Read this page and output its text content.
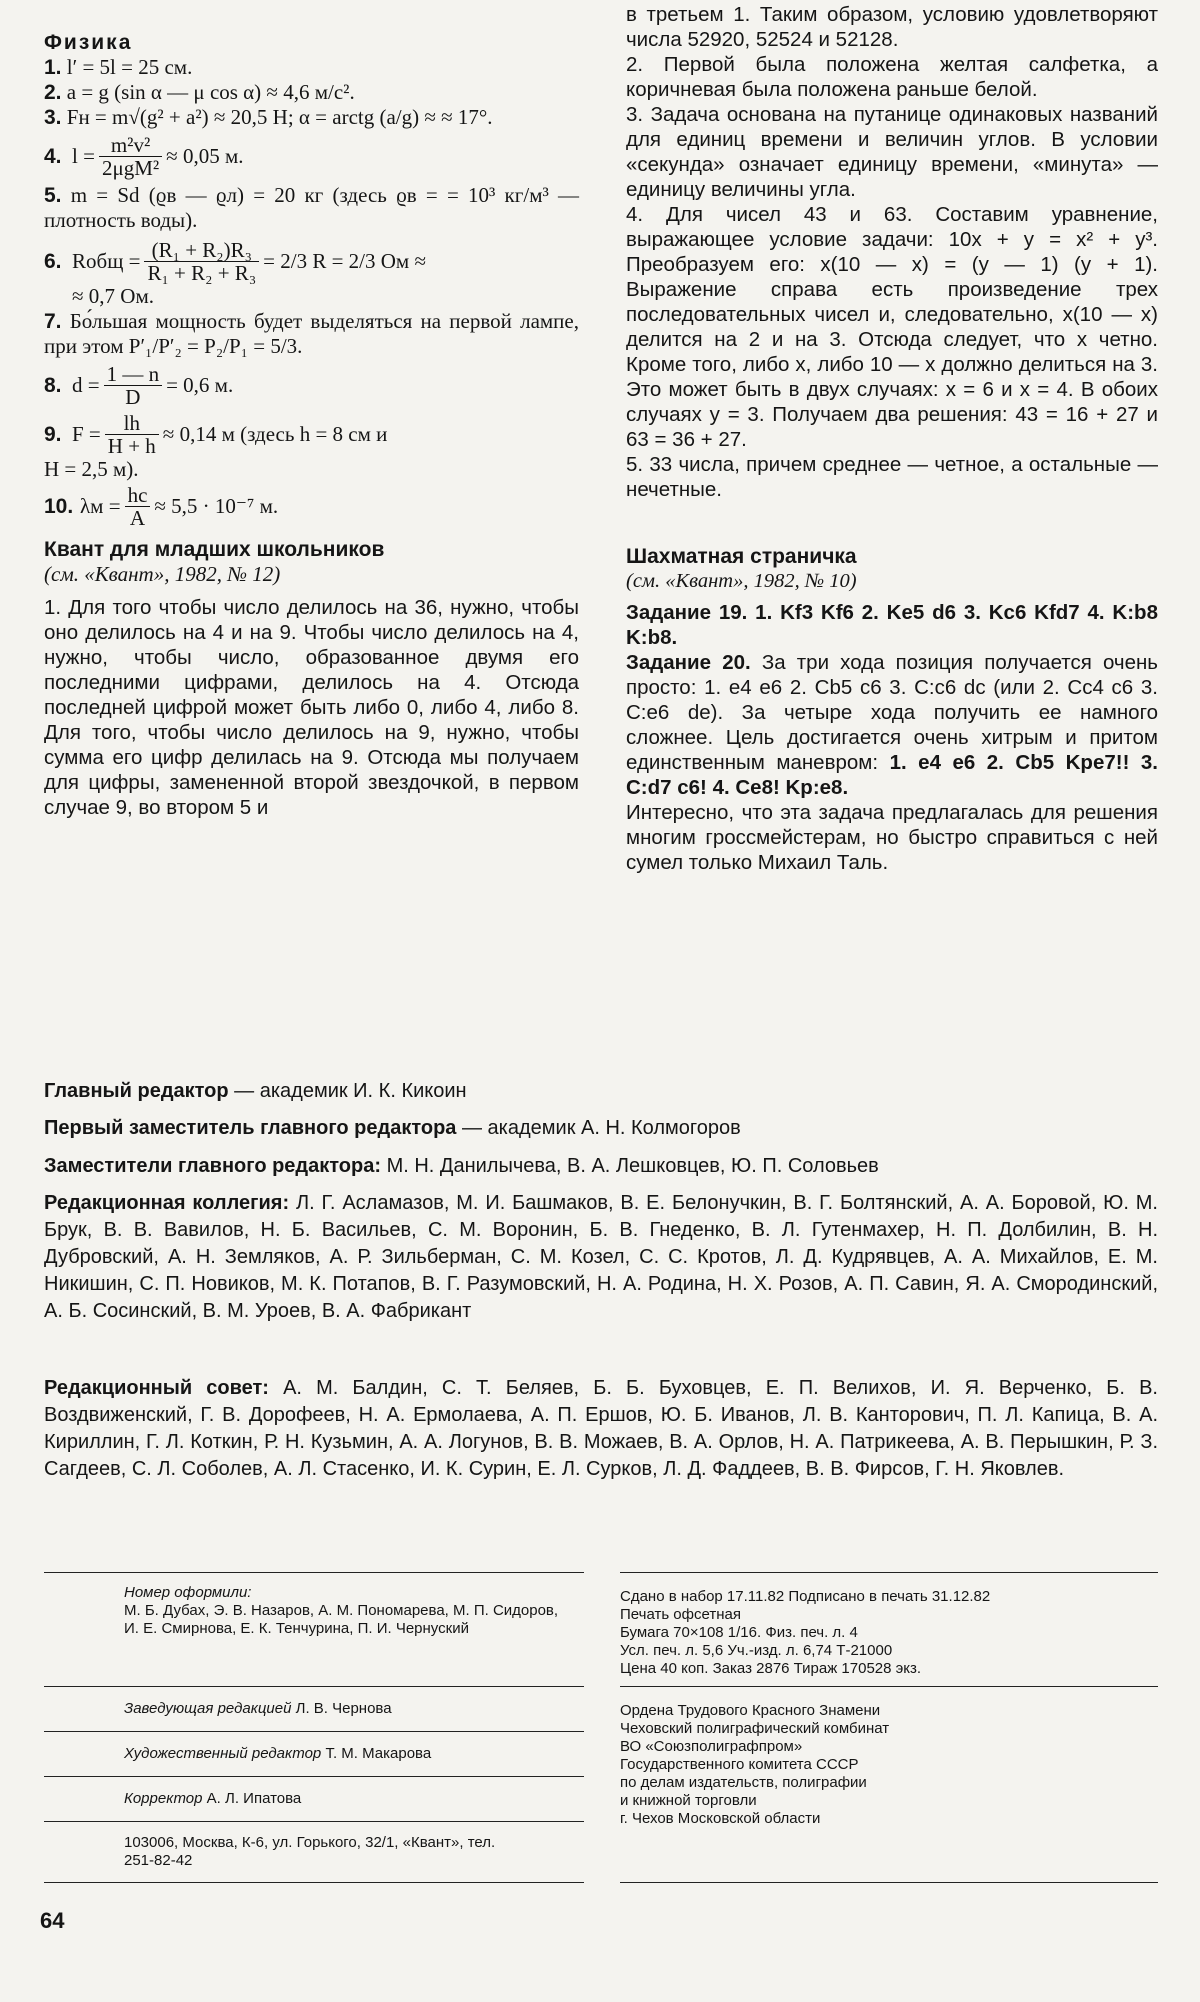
Физика

1. l′ = 5l = 25 см.

2. a = g (sin α — μ cos α) ≈ 4,6 м/с².

3. Fн = m√(g² + a²) ≈ 20,5 Н; α = arctg (a/g) ≈ ≈ 17°.

4. $l = \frac{\text{m²v²}}{\text{2μgM²}} \approx 0,05$ м.

5. m = Sd (ϱв — ϱл) = 20 кг (здесь ϱв = = 10³ кг/м³ — плотность воды).

6. Rобщ = $\frac{\text{(R₁ + R₂)R₃}}{\text{R₁ + R₂ + R₃}} = 2/3$ R = 2/3 Ом ≈

≈ 0,7 Ом.

7. Бо́льшая мощность будет выделяться на первой лампе, при этом P′₁/P′₂ = P₂/P₁ = 5/3.

8. $d = \frac{1 — n}{D} = 0,6$ м.
9. $F = \frac{lh}{H + h} \approx 0,14$ м (здесь h = 8 см и

H = 2,5 м).

10. $\lambda м = \frac{hc}{A} \approx 5,5 \cdot 10^{-7}$ м.
Квант для младших школьников
(см. «Квант», 1982, № 12)

1. Для того чтобы число делилось на 36, нужно, чтобы оно делилось на 4 и на 9. Чтобы число делилось на 4, нужно, чтобы число, образованное двумя его последними цифрами, делилось на 4. Отсюда последней цифрой может быть либо 0, либо 4, либо 8. Для того, чтобы число делилось на 9, нужно, чтобы сумма его цифр делилась на 9. Отсюда мы получаем для цифры, замененной второй звездочкой, в первом случае 9, во втором 5 и

в третьем 1. Таким образом, условию удовлетворяют числа 52920, 52524 и 52128.

2. Первой была положена желтая салфетка, а коричневая была положена раньше белой.

3. Задача основана на путанице одинаковых названий для единиц времени и величин углов. В условии «секунда» означает единицу времени, «минута» — единицу величины угла.

4. Для чисел 43 и 63. Составим уравнение, выражающее условие задачи: 10x + y = x² + y³. Преобразуем его: x(10 — x) = (y — 1) (y + 1). Выражение справа есть произведение трех последовательных чисел и, следовательно, x(10 — x) делится на 2 и на 3. Отсюда следует, что x четно. Кроме того, либо x, либо 10 — x должно делиться на 3. Это может быть в двух случаях: x = 6 и x = 4. В обоих случаях y = 3. Получаем два решения: 43 = 16 + 27 и 63 = 36 + 27.

5. 33 числа, причем среднее — четное, а остальные — нечетные.

Шахматная страничка
(см. «Квант», 1982, № 10)

Задание 19. 1. Kf3 Kf6 2. Ke5 d6 3. Kc6 Kfd7 4. K:b8 K:b8.

Задание 20. За три хода позиция получается очень просто: 1. e4 e6 2. Cb5 c6 3. C:c6 dc (или 2. Cc4 c6 3. C:e6 de). За четыре хода получить ее намного сложнее. Цель достигается очень хитрым и притом единственным маневром: 1. e4 e6 2. Cb5 Kpe7!! 3. C:d7 c6! 4. Ce8! Kp:e8.

Интересно, что эта задача предлагалась для решения многим гроссмейстерам, но быстро справиться с ней сумел только Михаил Таль.

Главный редактор — академик И. К. Кикоин
Первый заместитель главного редактора — академик А. Н. Колмогоров
Заместители главного редактора: М. Н. Данилычева, В. А. Лешковцев, Ю. П. Соловьев
Редакционная коллегия: Л. Г. Асламазов, М. И. Башмаков, В. Е. Белонучкин, В. Г. Болтянский, А. А. Боровой, Ю. М. Брук, В. В. Вавилов, Н. Б. Васильев, С. М. Воронин, Б. В. Гнеденко, В. Л. Гутенмахер, Н. П. Долбилин, В. Н. Дубровский, А. Н. Земляков, А. Р. Зильберман, С. М. Козел, С. С. Кротов, Л. Д. Кудрявцев, А. А. Михайлов, Е. М. Никишин, С. П. Новиков, М. К. Потапов, В. Г. Разумовский, Н. А. Родина, Н. Х. Розов, А. П. Савин, Я. А. Смородинский, А. Б. Сосинский, В. М. Уроев, В. А. Фабрикант
Редакционный совет: А. М. Балдин, С. Т. Беляев, Б. Б. Буховцев, Е. П. Велихов, И. Я. Верченко, Б. В. Воздвиженский, Г. В. Дорофеев, Н. А. Ермолаева, А. П. Ершов, Ю. Б. Иванов, Л. В. Канторович, П. Л. Капица, В. А. Кириллин, Г. Л. Коткин, Р. Н. Кузьмин, А. А. Логунов, В. В. Можаев, В. А. Орлов, Н. А. Патрикеева, А. В. Перышкин, Р. З. Сагдеев, С. Л. Соболев, А. Л. Стасенко, И. К. Сурин, Е. Л. Сурков, Л. Д. Фаддеев, В. В. Фирсов, Г. Н. Яковлев.
Номер оформили:
М. Б. Дубах, Э. В. Назаров, А. М. Пономарева, М. П. Сидоров, И. Е. Смирнова, Е. К. Тенчурина, П. И. Чернуский
Заведующая редакцией Л. В. Чернова
Художественный редактор Т. М. Макарова
Корректор А. Л. Ипатова
103006, Москва, К-6, ул. Горького, 32/1, «Квант», тел. 251-82-42
Сдано в набор 17.11.82 Подписано в печать 31.12.82
Печать офсетная
Бумага 70×108 1/16. Физ. печ. л. 4
Усл. печ. л. 5,6 Уч.-изд. л. 6,74 Т-21000
Цена 40 коп. Заказ 2876 Тираж 170528 экз.
Ордена Трудового Красного Знамени
Чеховский полиграфический комбинат
ВО «Союзполиграфпром»
Государственного комитета СССР
по делам издательств, полиграфии
и книжной торговли
г. Чехов Московской области
64
